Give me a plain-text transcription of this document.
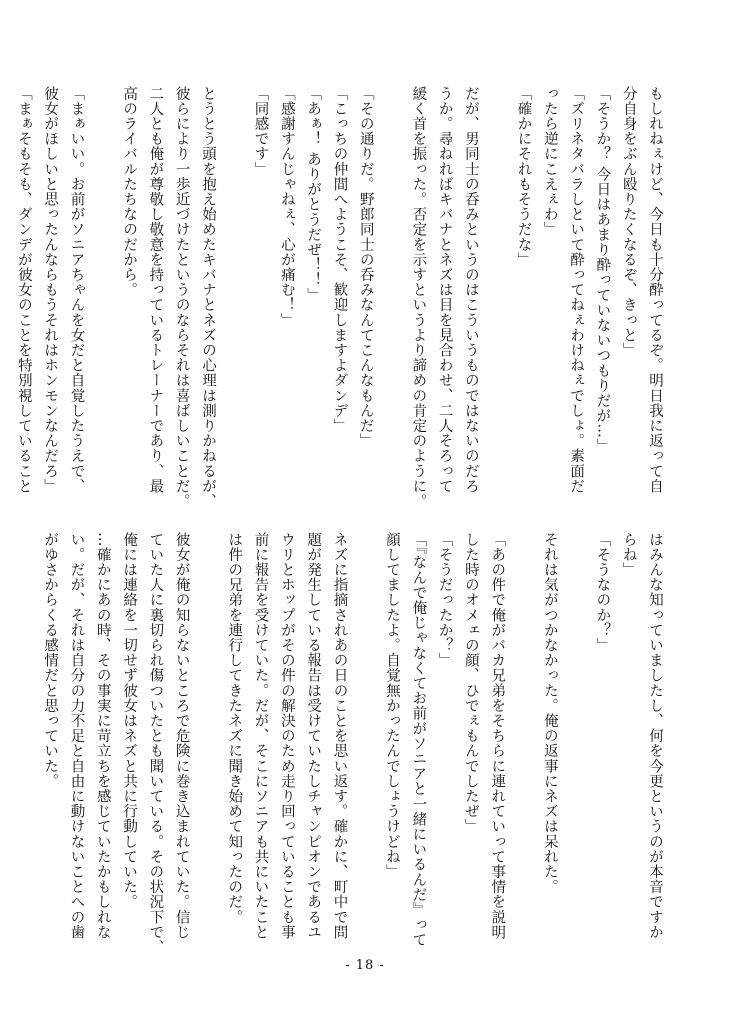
もしれねぇけど、今日も十分酔ってるぞ。明日我に返って自
分自身をぶん殴りたくなるぞ、きっと」
「そうか？ 今日はあまり酔っていないつもりだが…」
「ズリネタバラしといて酔ってねぇわけねぇでしょ。素面だ
ったら逆にこえぇわ」
「確かにそれもそうだな」

だが、男同士の呑みというのはこういうものではないのだろ
うか。尋ねればキバナとネズは目を見合わせ、二人そろって
緩く首を振った。否定を示すというより諦めの肯定のように。

「その通りだ。野郎同士の呑みなんてこんなもんだ」
「こっちの仲間へようこそ、歓迎しますよダンデ」
「あぁ！ ありがとうだぜ！！」
「感謝すんじゃねぇ、心が痛む！」
「同感です」

とうとう頭を抱え始めたキバナとネズの心理は測りかねるが、
彼らにより一歩近づけたというのならそれは喜ばしいことだ。
二人とも俺が尊敬し敬意を持っているトレーナーであり、最
高のライバルたちなのだから。

「まぁいい。お前がソニアちゃんを女だと自覚したうえで、
彼女がほしいと思ったんならもうそれはホンモンなんだろ」
「まぁそもそも、ダンデが彼女のことを特別視していること
はみんな知っていましたし、何を今更というのが本音ですか
らね」
「そうなのか？」

それは気がつかなかった。俺の返事にネズは呆れた。

「あの件で俺がバカ兄弟をそちらに連れていって事情を説明
した時のオメェの顔、ひでぇもんでしたぜ」
「そうだったか？」
「『なんで俺じゃなくてお前がソニアと一緒にいるんだ』って
顔してましたよ。自覚無かったんでしょうけどね」

ネズに指摘されあの日のことを思い返す。確かに、町中で問
題が発生している報告は受けていたしチャンピオンであるユ
ウリとホップがその件の解決のため走り回っていることも事
前に報告を受けていた。だが、そこにソニアも共にいたこと
は件の兄弟を連行してきたネズに聞き始めて知ったのだ。

彼女が俺の知らないところで危険に巻き込まれていた。信じ
ていた人に裏切られ傷ついたとも聞いている。その状況下で、
俺には連絡を一切せず彼女はネズと共に行動していた。
…確かにあの時、その事実に苛立ちを感じていたかもしれな
い。だが、それは自分の力不足と自由に動けないことへの歯
がゆさからくる感情だと思っていた。
- 18 -
